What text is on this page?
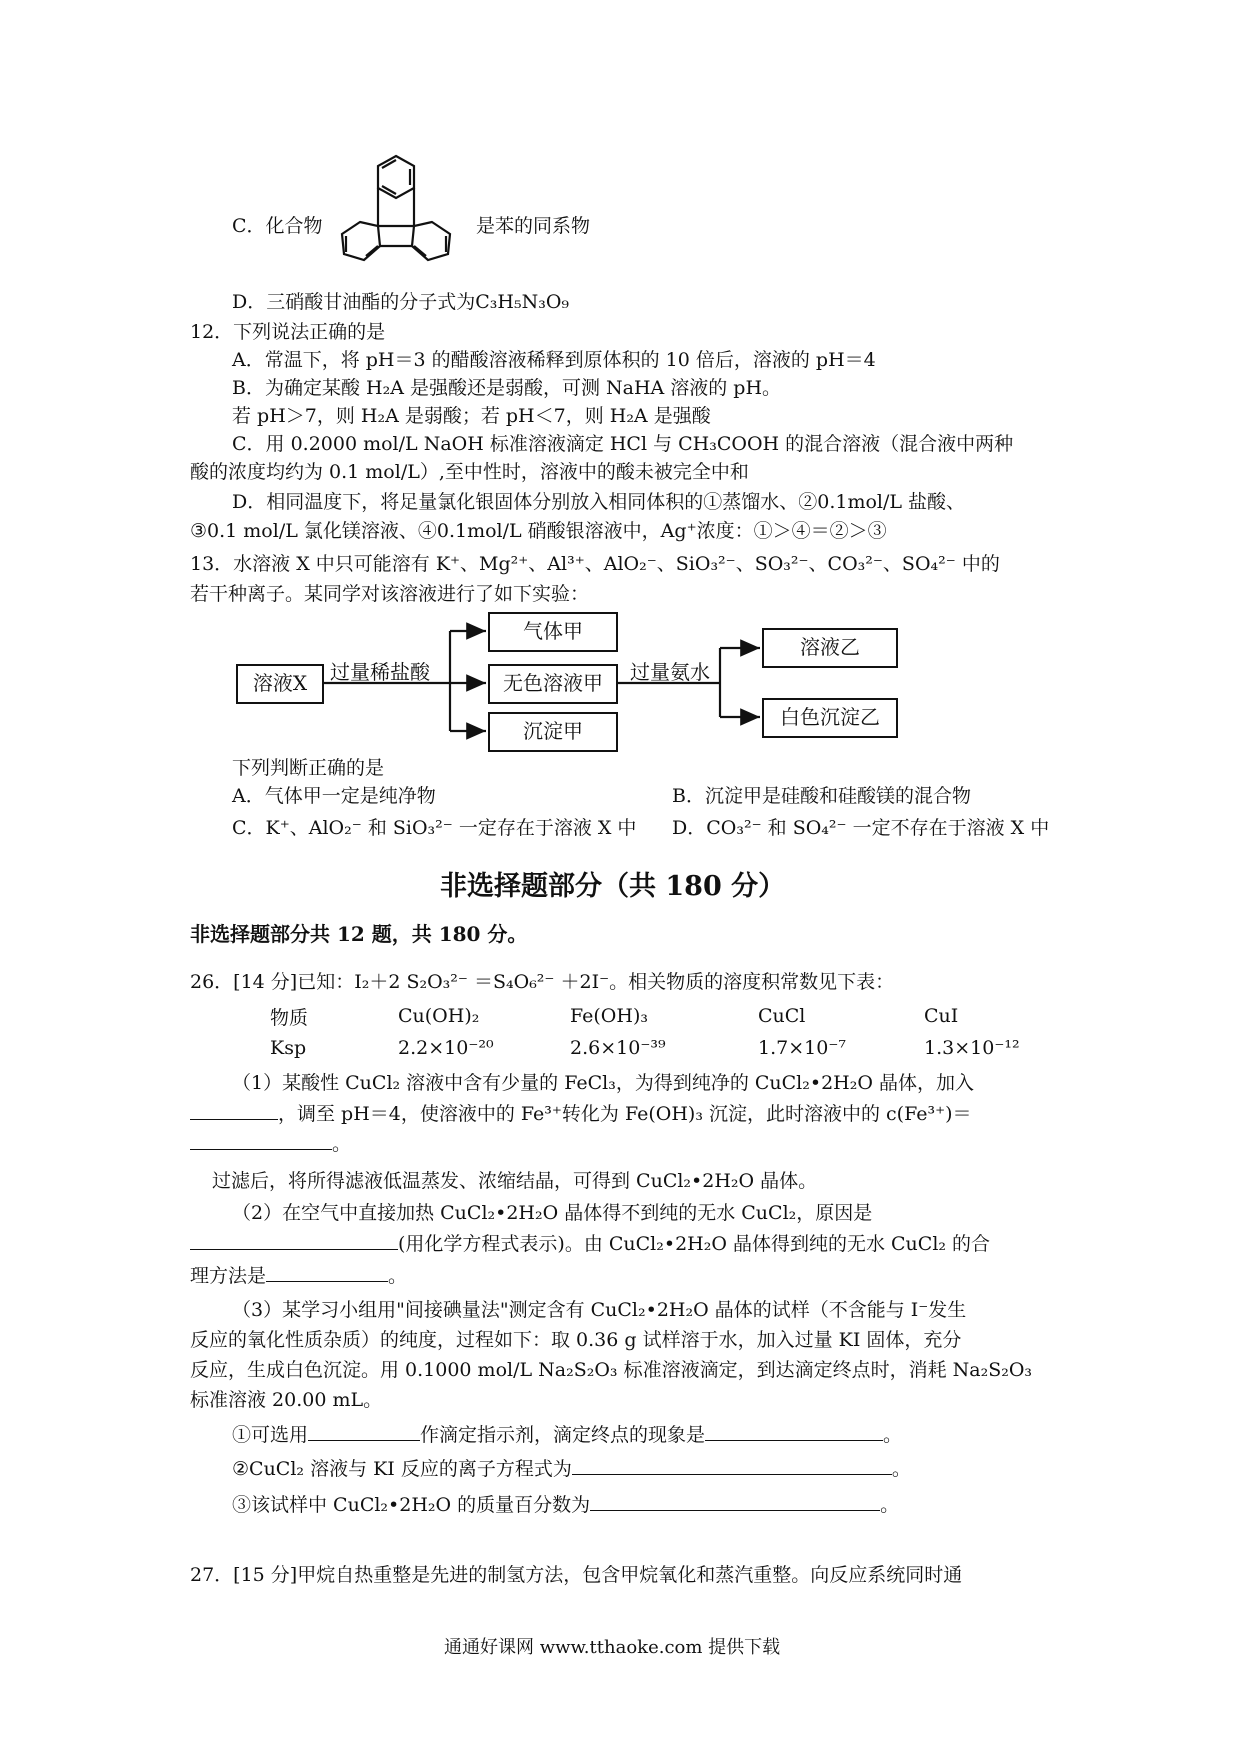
C．化合物	是苯的同系物
D．三硝酸甘油酯的分子式为C₃H₅N₃O₉
12．下列说法正确的是
A．常温下，将 pH＝3 的醋酸溶液稀释到原体积的 10 倍后，溶液的 pH＝4
B．为确定某酸 H₂A 是强酸还是弱酸，可测 NaHA 溶液的 pH。
若 pH＞7，则 H₂A 是弱酸；若 pH＜7，则 H₂A 是强酸
C．用 0.2000 mol/L NaOH 标准溶液滴定 HCl 与 CH₃COOH 的混合溶液（混合液中两种
酸的浓度均约为 0.1 mol/L）,至中性时，溶液中的酸未被完全中和
D．相同温度下，将足量氯化银固体分别放入相同体积的①蒸馏水、②0.1mol/L 盐酸、
③0.1 mol/L 氯化镁溶液、④0.1mol/L 硝酸银溶液中，Ag⁺浓度：①＞④＝②＞③
13．水溶液 X 中只可能溶有 K⁺、Mg²⁺、Al³⁺、AlO₂⁻、SiO₃²⁻、SO₃²⁻、CO₃²⁻、SO₄²⁻ 中的
若干种离子。某同学对该溶液进行了如下实验：
溶液X	过量稀盐酸
气体甲
无色溶液甲
沉淀甲
过量氨水
溶液乙
白色沉淀乙
下列判断正确的是
A．气体甲一定是纯净物	B．沉淀甲是硅酸和硅酸镁的混合物
C．K⁺、AlO₂⁻ 和 SiO₃²⁻ 一定存在于溶液 X 中 D．CO₃²⁻ 和 SO₄²⁻ 一定不存在于溶液 X 中
非选择题部分（共 180 分）
非选择题部分共 12 题，共 180 分。
26．[14 分]已知：I₂＋2 S₂O₃²⁻ ＝S₄O₆²⁻ ＋2I⁻。相关物质的溶度积常数见下表：
物质	Cu(OH)₂	Fe(OH)₃	CuCl	CuI
Ksp	2.2×10⁻²⁰	2.6×10⁻³⁹	1.7×10⁻⁷	1.3×10⁻¹²
（1）某酸性 CuCl₂ 溶液中含有少量的 FeCl₃，为得到纯净的 CuCl₂•2H₂O 晶体，加入
，调至 pH＝4，使溶液中的 Fe³⁺转化为 Fe(OH)₃ 沉淀，此时溶液中的 c(Fe³⁺)＝
。
过滤后，将所得滤液低温蒸发、浓缩结晶，可得到 CuCl₂•2H₂O 晶体。
（2）在空气中直接加热 CuCl₂•2H₂O 晶体得不到纯的无水 CuCl₂，原因是
(用化学方程式表示)。由 CuCl₂•2H₂O 晶体得到纯的无水 CuCl₂ 的合
理方法是	。
（3）某学习小组用"间接碘量法"测定含有 CuCl₂•2H₂O 晶体的试样（不含能与 I⁻发生
反应的氧化性质杂质）的纯度，过程如下：取 0.36 g 试样溶于水，加入过量 KI 固体，充分
反应，生成白色沉淀。用 0.1000 mol/L Na₂S₂O₃ 标准溶液滴定，到达滴定终点时，消耗 Na₂S₂O₃
标准溶液 20.00 mL。
①可选用	作滴定指示剂，滴定终点的现象是	。
②CuCl₂ 溶液与 KI 反应的离子方程式为	。
③该试样中 CuCl₂•2H₂O 的质量百分数为	。
27．[15 分]甲烷自热重整是先进的制氢方法，包含甲烷氧化和蒸汽重整。向反应系统同时通
通通好课网 www.tthaoke.com 提供下载
